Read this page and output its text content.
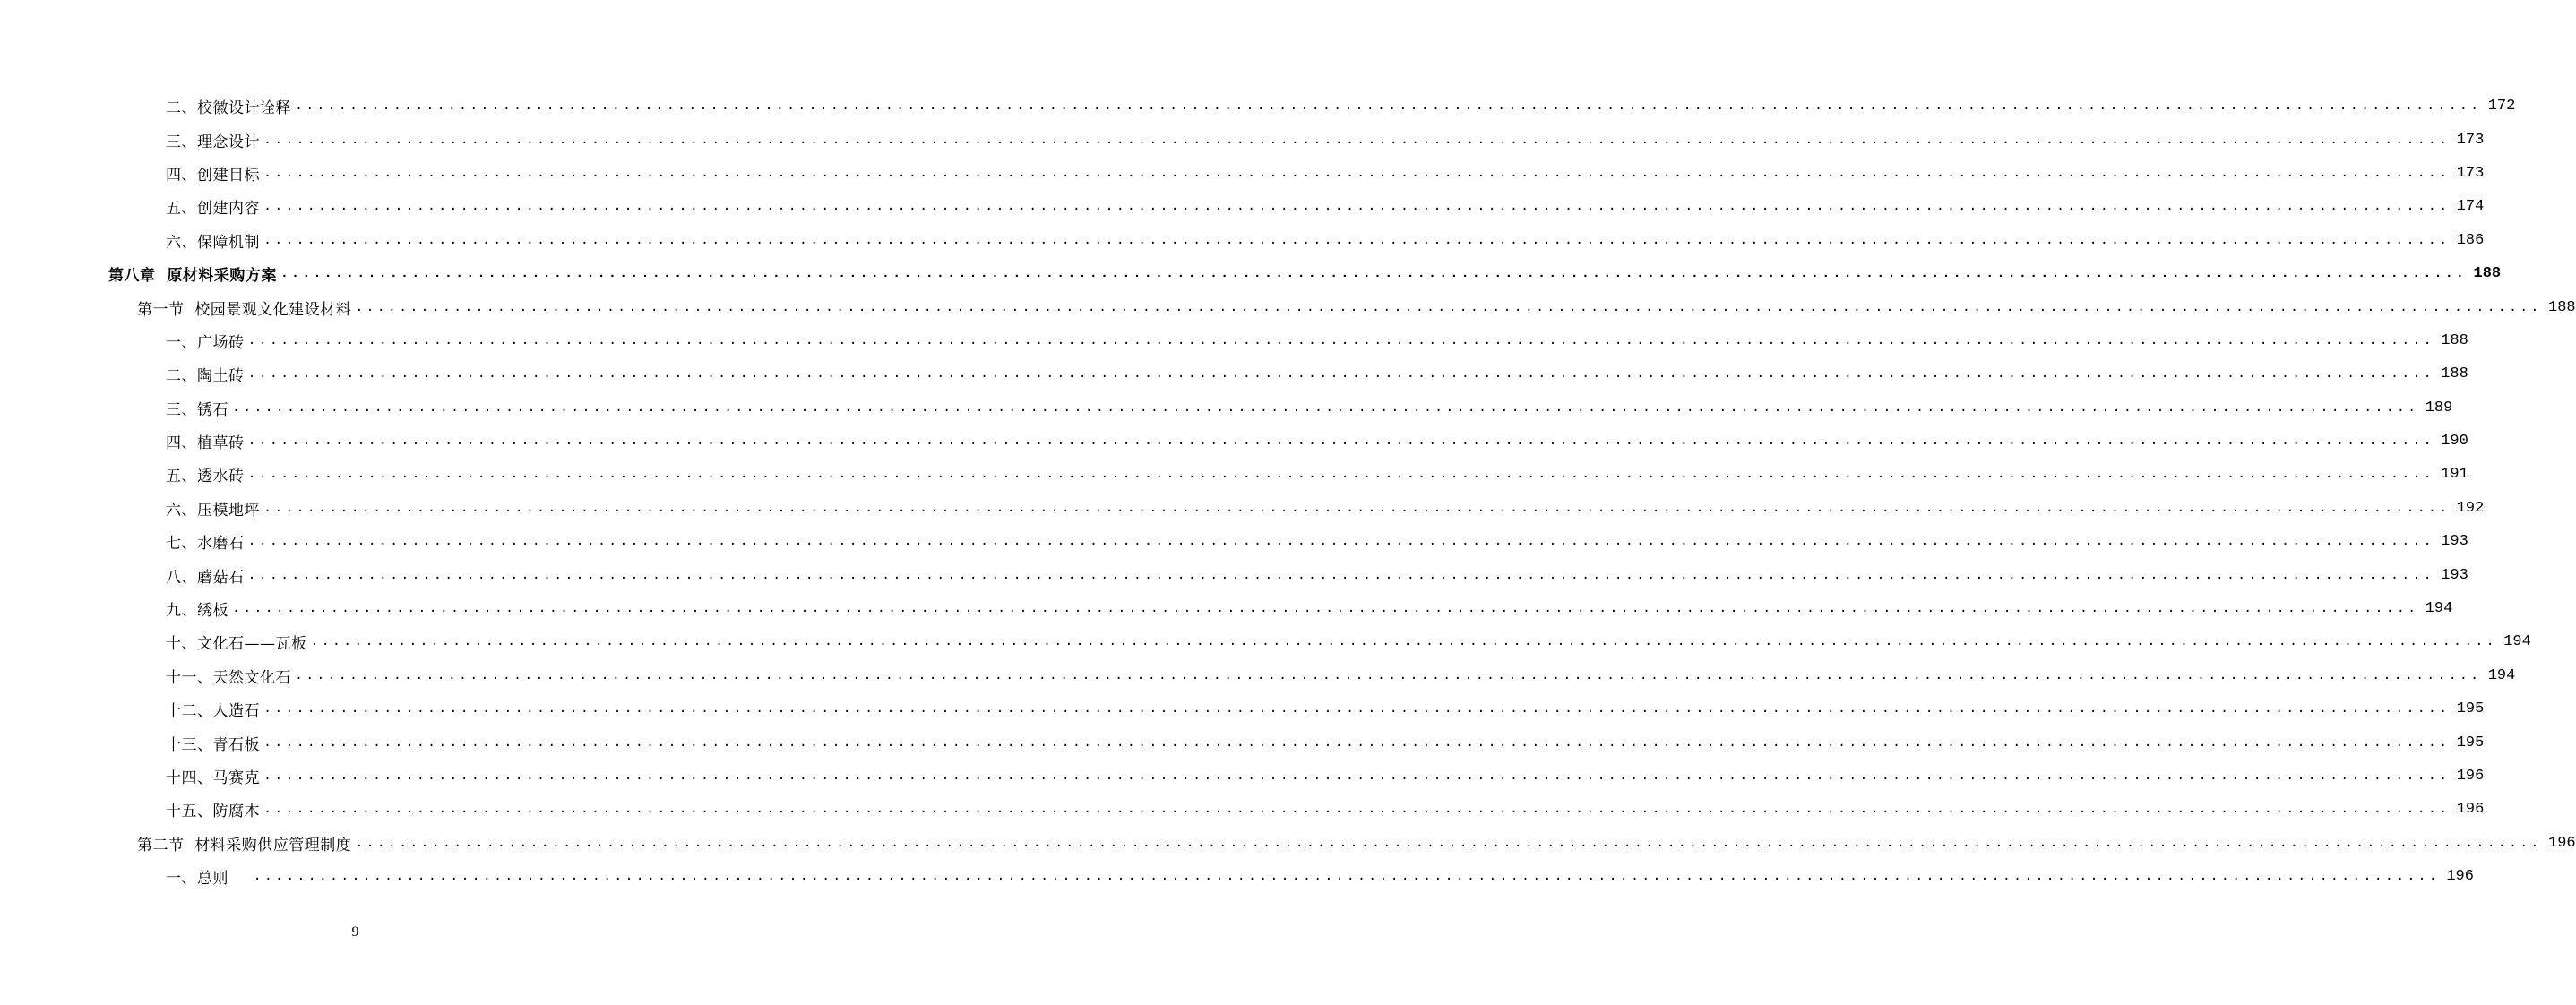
二、校徽设计诠释 ........................................................................................................................................................................................................ 172
三、理念设计 ........................................................................................................................................................................................................ 173
四、创建目标 ........................................................................................................................................................................................................ 173
五、创建内容 ........................................................................................................................................................................................................ 174
六、保障机制 ........................................................................................................................................................................................................ 186
第八章  原材料采购方案 ........................................................................................................................................................................................................ 188
第一节  校园景观文化建设材料 ........................................................................................................................................................................................................ 188
一、广场砖 ........................................................................................................................................................................................................ 188
二、陶土砖 ........................................................................................................................................................................................................ 188
三、锈石 ........................................................................................................................................................................................................ 189
四、植草砖 ........................................................................................................................................................................................................ 190
五、透水砖 ........................................................................................................................................................................................................ 191
六、压模地坪 ........................................................................................................................................................................................................ 192
七、水磨石 ........................................................................................................................................................................................................ 193
八、蘑菇石 ........................................................................................................................................................................................................ 193
九、绣板 ........................................................................................................................................................................................................ 194
十、文化石——瓦板 ........................................................................................................................................................................................................ 194
十一、天然文化石 ........................................................................................................................................................................................................ 194
十二、人造石 ........................................................................................................................................................................................................ 195
十三、青石板 ........................................................................................................................................................................................................ 195
十四、马赛克 ........................................................................................................................................................................................................ 196
十五、防腐木 ........................................................................................................................................................................................................ 196
第二节  材料采购供应管理制度 ........................................................................................................................................................................................................ 196
一、总则 ........................................................................................................................................................................................................ 196
9
